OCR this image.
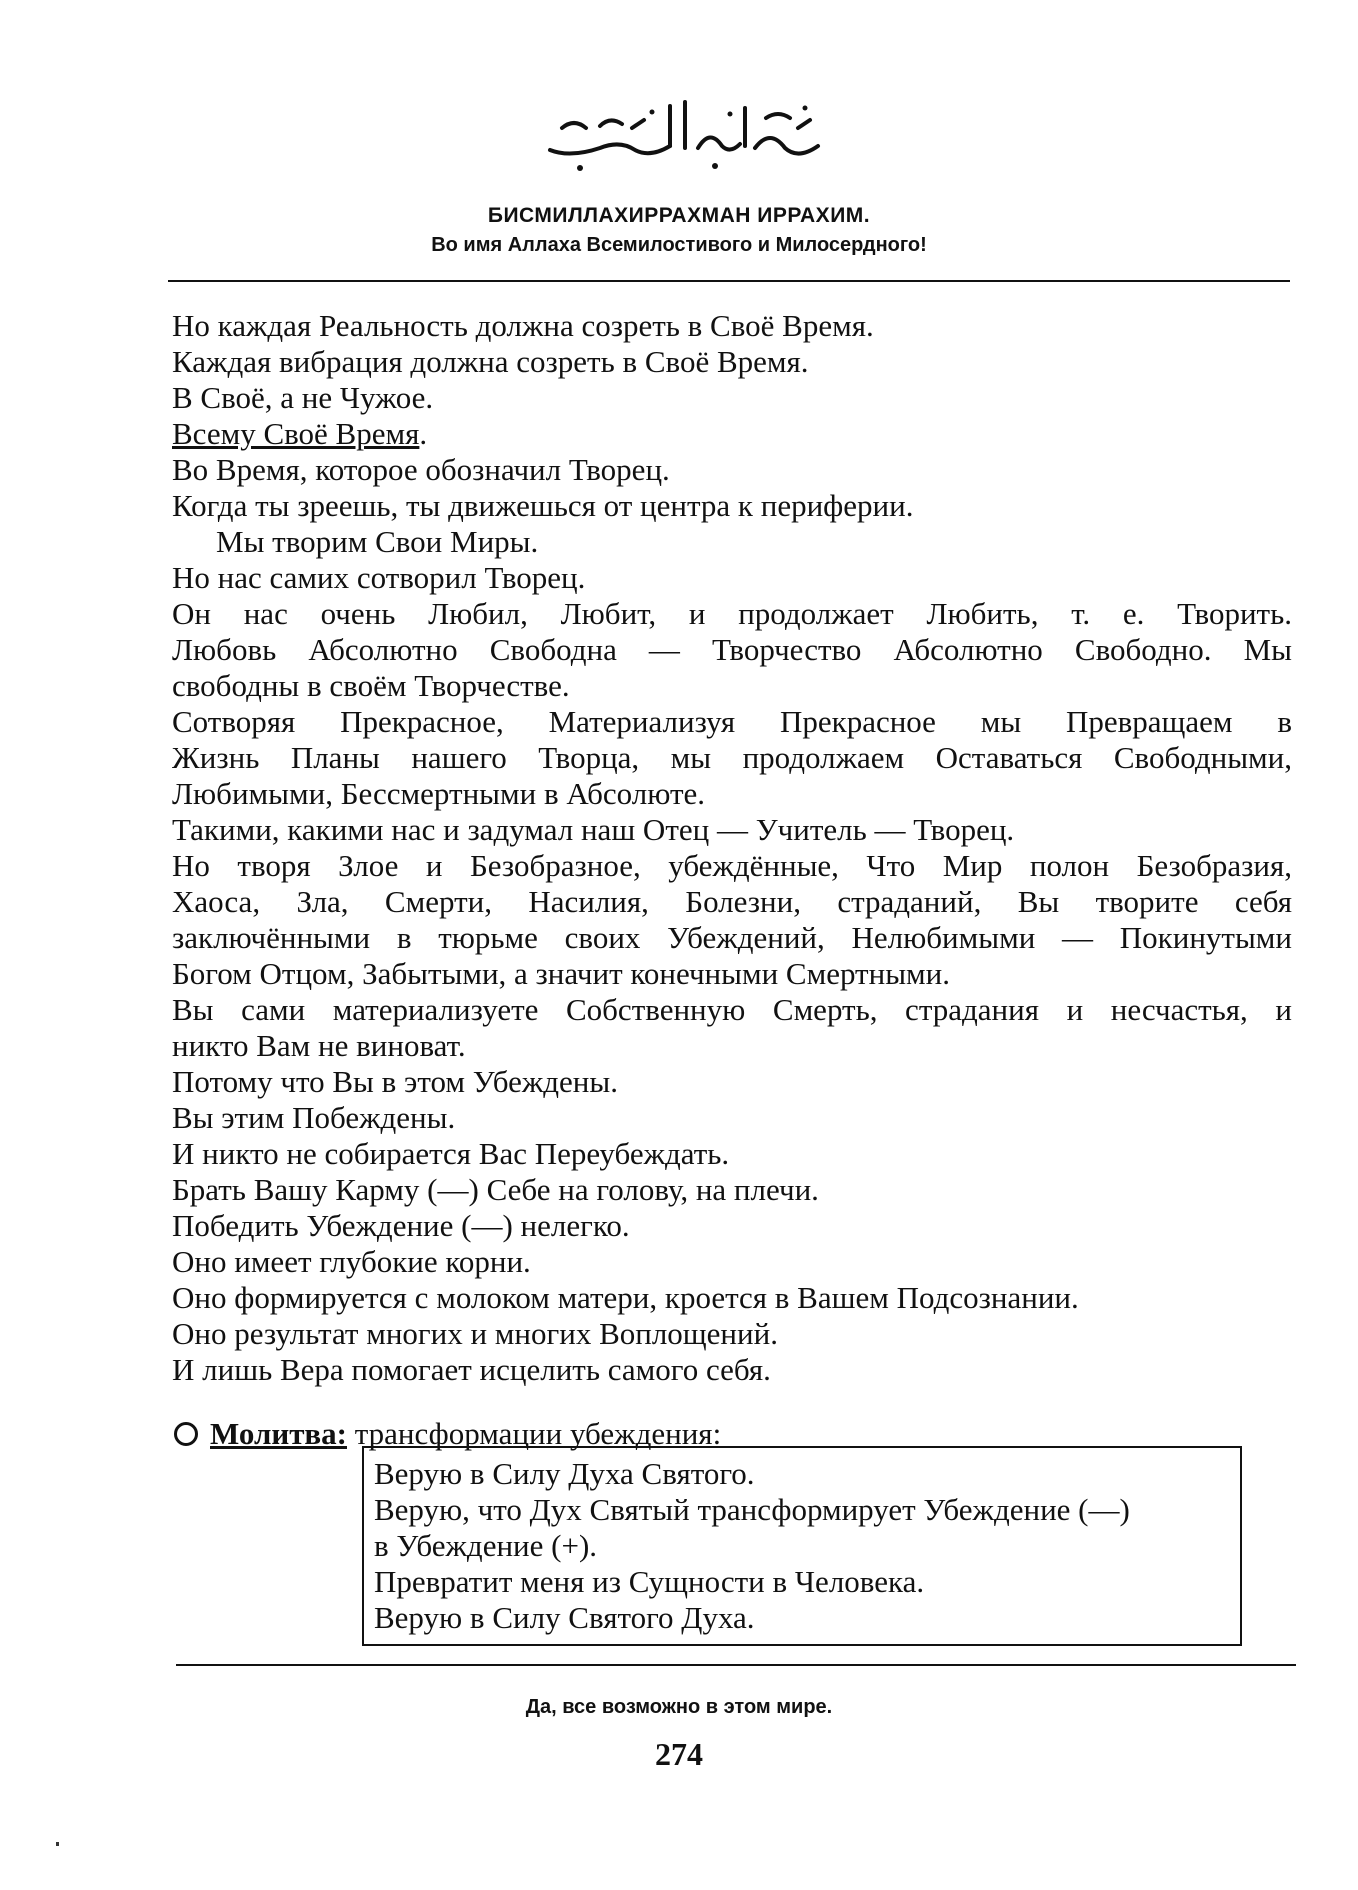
БИСМИЛЛАХИРРАХМАН ИРРАХИМ.
Во имя Аллаха Всемилостивого и Милосердного!
Но каждая Реальность должна созреть в Своё Время.
Каждая вибрация должна созреть в Своё Время.
В Своё, а не Чужое.
Всему Своё Время.
Во Время, которое обозначил Творец.
Когда ты зреешь, ты движешься от центра к периферии.
Мы творим Свои Миры.
Но нас самих сотворил Творец.
Он нас очень Любил, Любит, и продолжает Любить, т. е. Творить.
Любовь Абсолютно Свободна — Творчество Абсолютно Свободно. Мы
свободны в своём Творчестве.
Сотворяя Прекрасное, Материализуя Прекрасное мы Превращаем в
Жизнь Планы нашего Творца, мы продолжаем Оставаться Свободными,
Любимыми, Бессмертными в Абсолюте.
Такими, какими нас и задумал наш Отец — Учитель — Творец.
Но творя Злое и Безобразное, убеждённые, Что Мир полон Безобразия,
Хаоса, Зла, Смерти, Насилия, Болезни, страданий, Вы творите себя
заключёнными в тюрьме своих Убеждений, Нелюбимыми — Покинутыми
Богом Отцом, Забытыми, а значит конечными Смертными.
Вы сами материализуете Собственную Смерть, страдания и несчастья, и
никто Вам не виноват.
Потому что Вы в этом Убеждены.
Вы этим Побеждены.
И никто не собирается Вас Переубеждать.
Брать Вашу Карму (—) Себе на голову, на плечи.
Победить Убеждение (—) нелегко.
Оно имеет глубокие корни.
Оно формируется с молоком матери, кроется в Вашем Подсознании.
Оно результат многих и многих Воплощений.
И лишь Вера помогает исцелить самого себя.
Молитва: трансформации убеждения:
Верую в Силу Духа Святого.
Верую, что Дух Святый трансформирует Убеждение (—)
в Убеждение (+).
Превратит меня из Сущности в Человека.
Верую в Силу Святого Духа.
Да, все возможно в этом мире.
274
